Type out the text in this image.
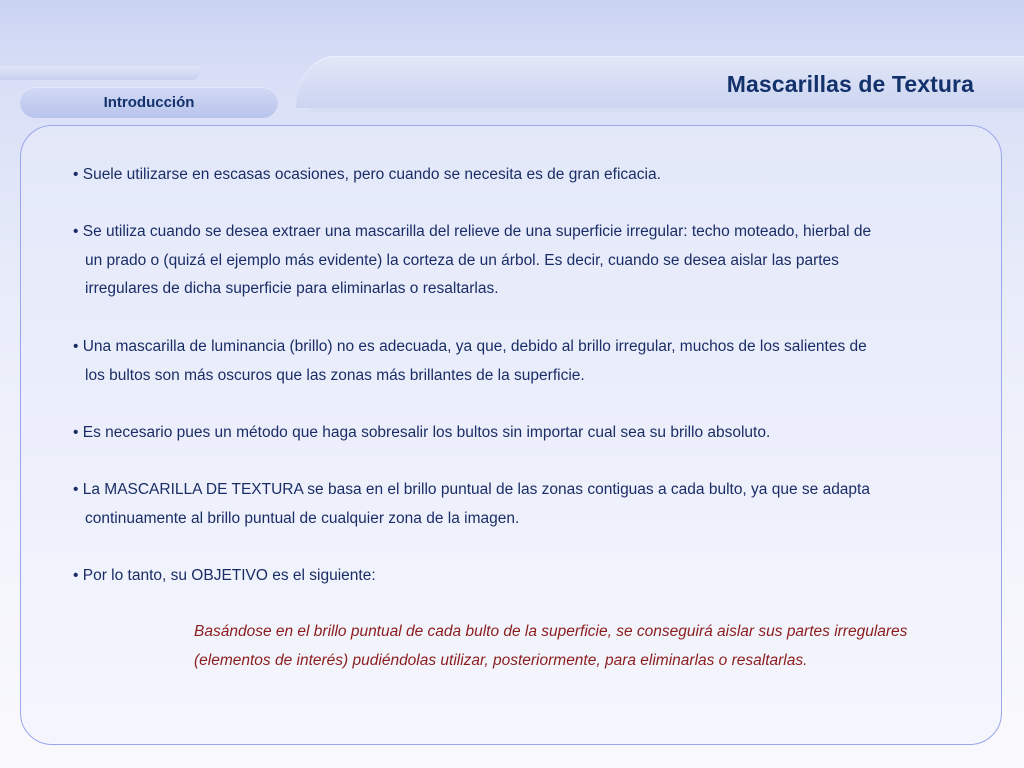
Mascarillas de Textura
Introducción

• Suele utilizarse en escasas ocasiones, pero cuando se necesita es de gran eficacia.

• Se utiliza cuando se desea extraer una mascarilla del relieve de una superficie irregular: techo moteado, hierbal de
un prado o (quizá el ejemplo más evidente) la corteza de un árbol. Es decir, cuando se desea aislar las partes
irregulares de dicha superficie para eliminarlas o resaltarlas.

• Una mascarilla de luminancia (brillo) no es adecuada, ya que, debido al brillo irregular, muchos de los salientes de
los bultos son más oscuros que las zonas más brillantes de la superficie.

• Es necesario pues un método que haga sobresalir los bultos sin importar cual sea su brillo absoluto.

• La MASCARILLA DE TEXTURA se basa en el brillo puntual de las zonas contiguas a cada bulto, ya que se adapta
continuamente al brillo puntual de cualquier zona de la imagen.

• Por lo tanto, su OBJETIVO es el siguiente:

Basándose en el brillo puntual de cada bulto de la superficie, se conseguirá aislar sus partes irregulares
(elementos de interés) pudiéndolas utilizar, posteriormente, para eliminarlas o resaltarlas.
